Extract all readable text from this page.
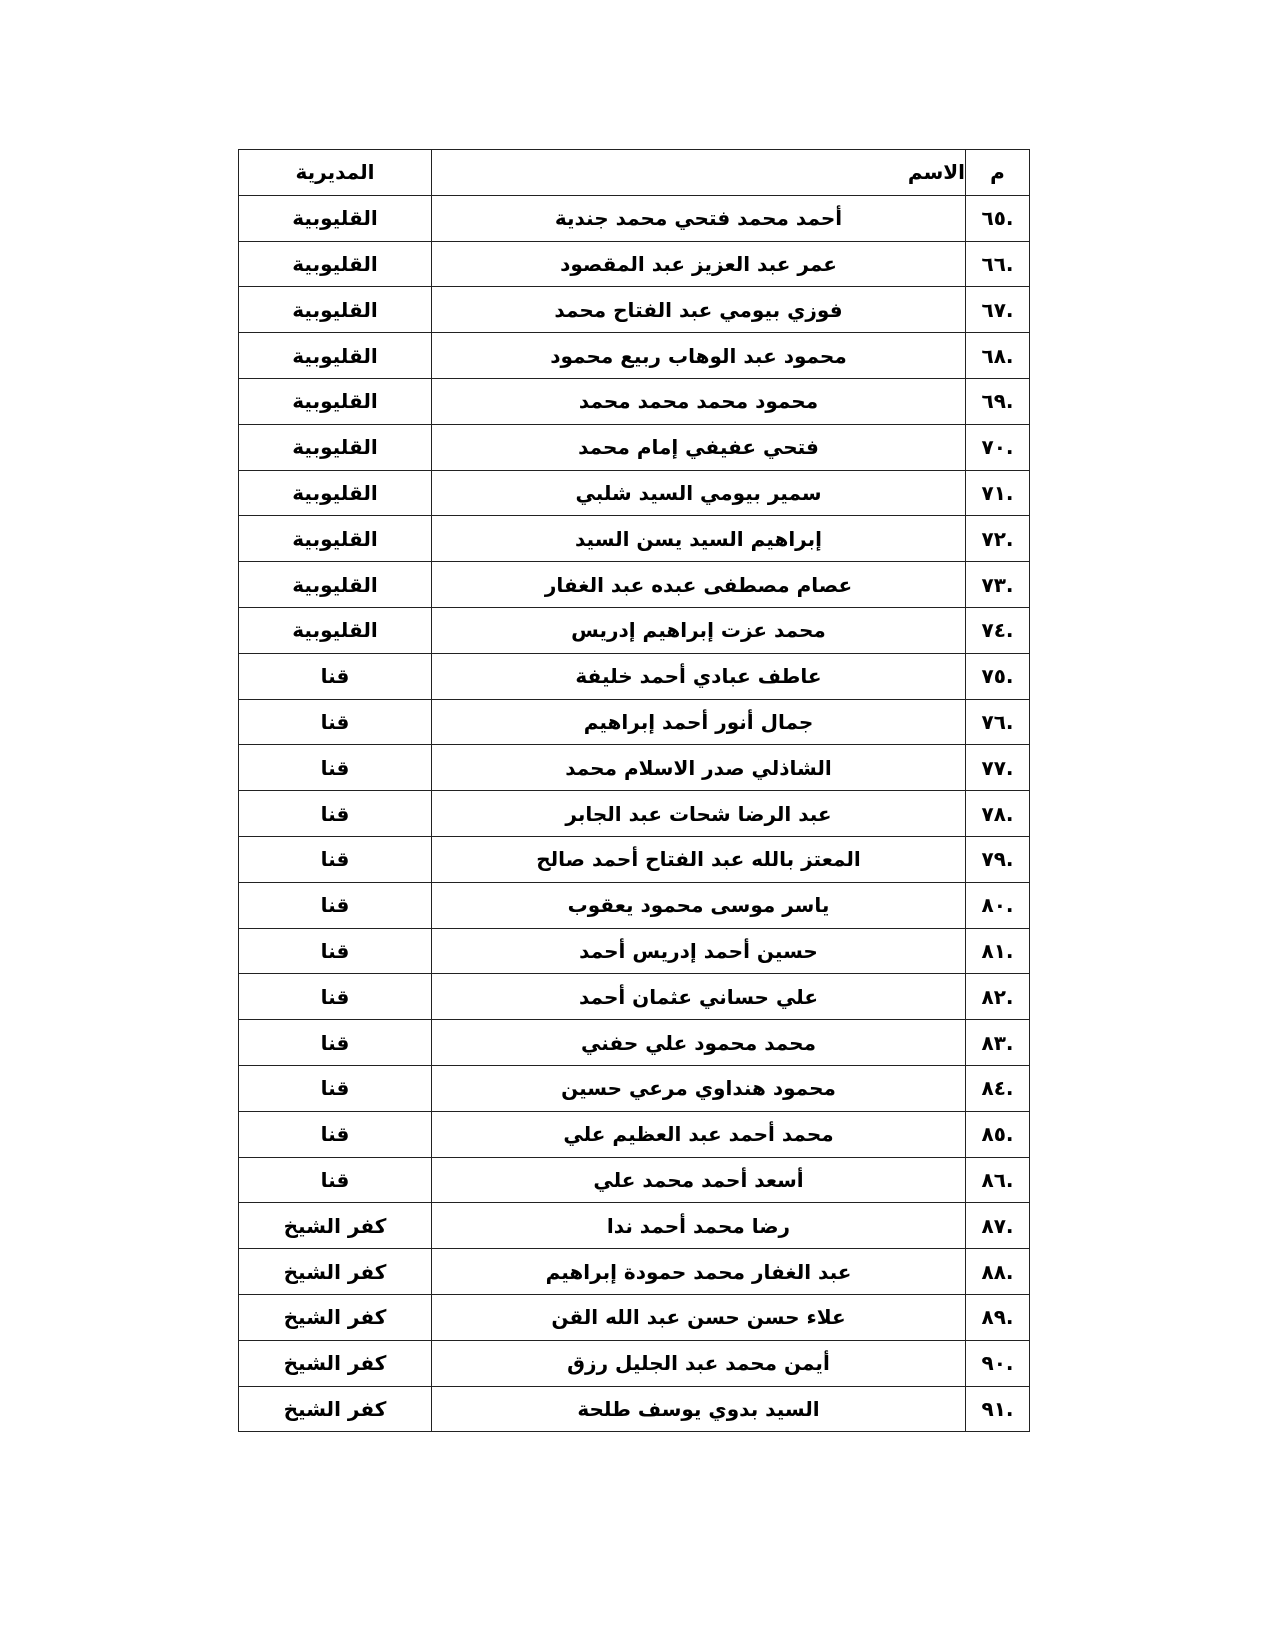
م	الاسم	المديرية
.٦٥	أحمد محمد فتحي محمد جندية	القليوبية
.٦٦	عمر عبد العزيز عبد المقصود	القليوبية
.٦٧	فوزي بيومي عبد الفتاح محمد	القليوبية
.٦٨	محمود عبد الوهاب ربيع محمود	القليوبية
.٦٩	محمود محمد محمد محمد	القليوبية
.٧٠	فتحي عفيفي إمام محمد	القليوبية
.٧١	سمير بيومي السيد شلبي	القليوبية
.٧٢	إبراهيم السيد يسن السيد	القليوبية
.٧٣	عصام مصطفى عبده عبد الغفار	القليوبية
.٧٤	محمد عزت إبراهيم إدريس	القليوبية
.٧٥	عاطف عبادي أحمد خليفة	قنا
.٧٦	جمال أنور أحمد إبراهيم	قنا
.٧٧	الشاذلي صدر الاسلام محمد	قنا
.٧٨	عبد الرضا شحات عبد الجابر	قنا
.٧٩	المعتز بالله عبد الفتاح أحمد صالح	قنا
.٨٠	ياسر موسى محمود يعقوب	قنا
.٨١	حسين أحمد إدريس أحمد	قنا
.٨٢	علي حساني عثمان أحمد	قنا
.٨٣	محمد محمود علي حفني	قنا
.٨٤	محمود هنداوي مرعي حسين	قنا
.٨٥	محمد أحمد عبد العظيم علي	قنا
.٨٦	أسعد أحمد محمد علي	قنا
.٨٧	رضا محمد أحمد ندا	كفر الشيخ
.٨٨	عبد الغفار محمد حمودة إبراهيم	كفر الشيخ
.٨٩	علاء حسن حسن عبد الله القن	كفر الشيخ
.٩٠	أيمن محمد عبد الجليل رزق	كفر الشيخ
.٩١	السيد بدوي يوسف طلحة	كفر الشيخ
